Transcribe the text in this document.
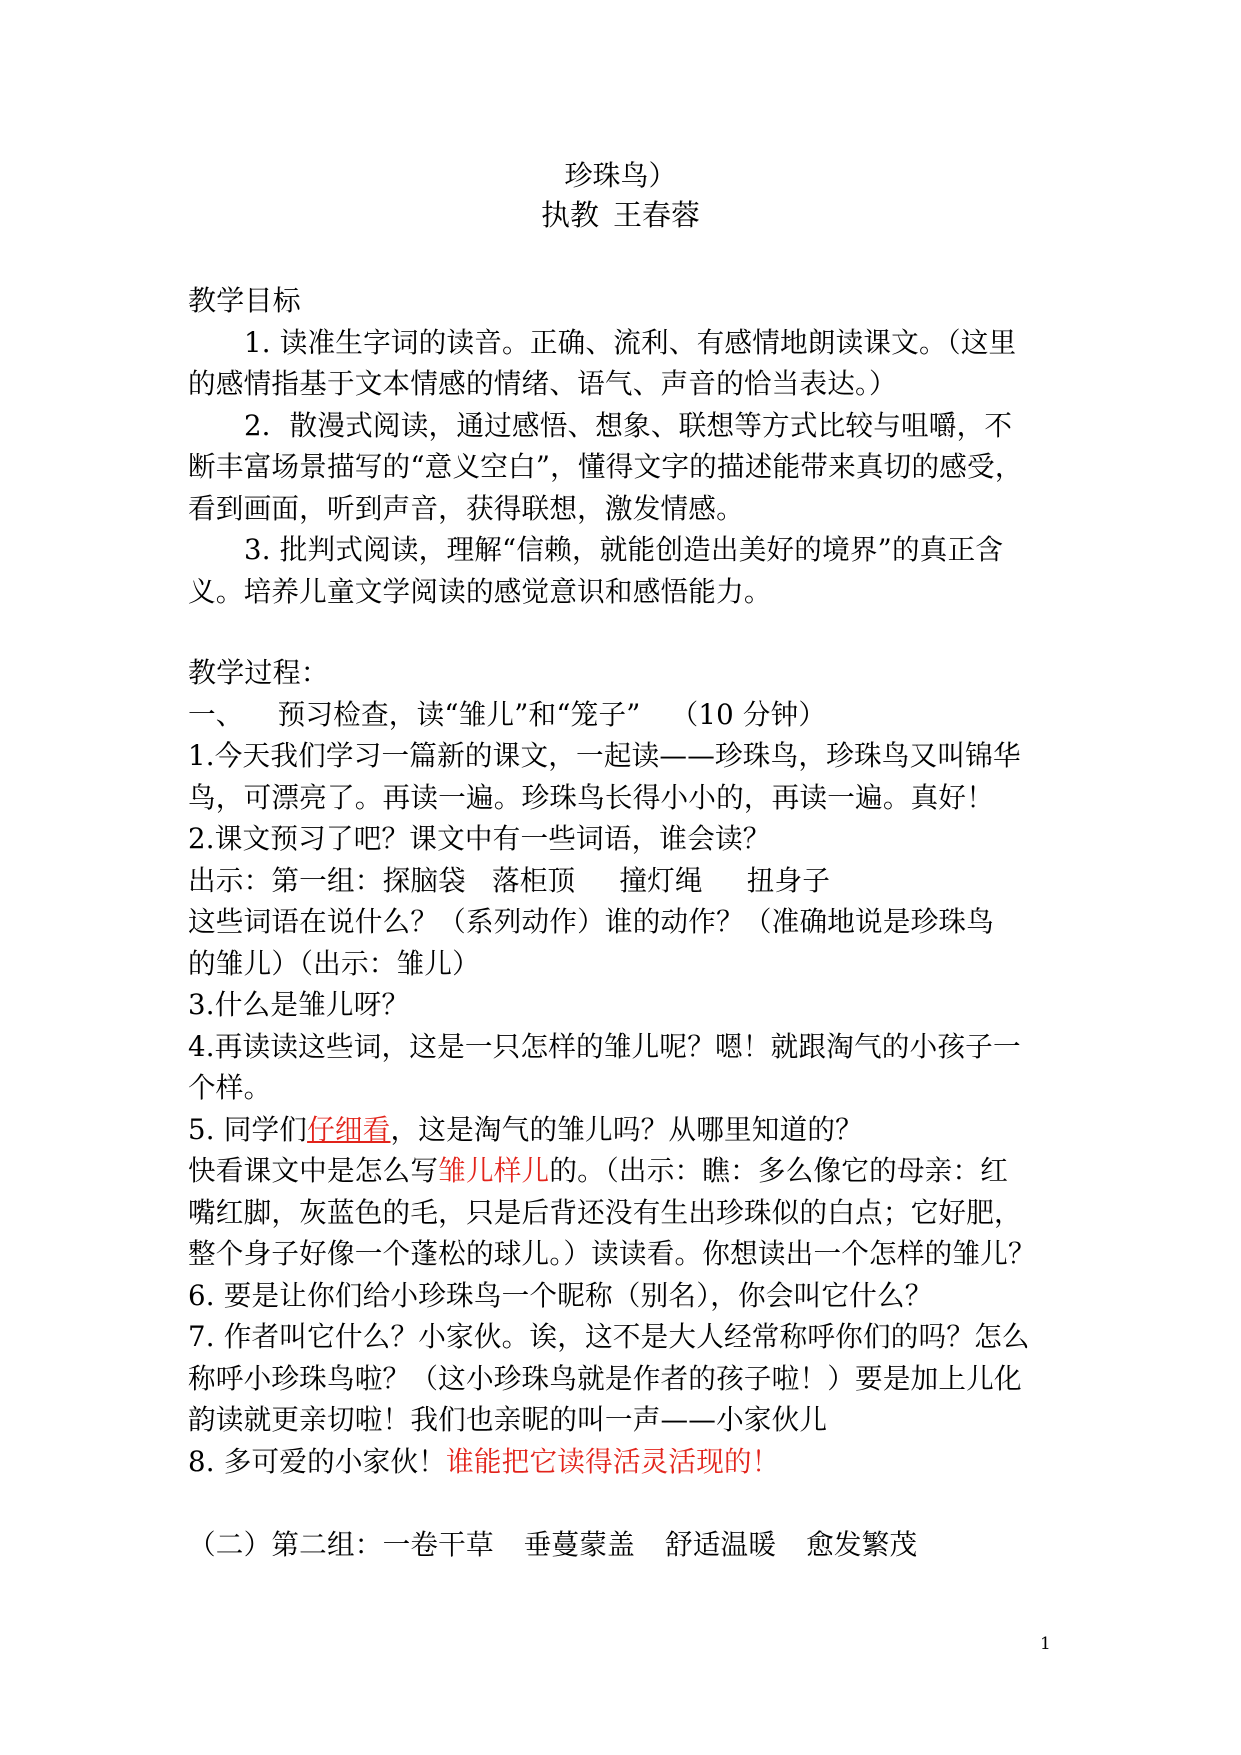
珍珠鸟）
执教 王春蓉
教学目标
1. 读准生字词的读音。正确、流利、有感情地朗读课文。（这里
的感情指基于文本情感的情绪、语气、声音的恰当表达。）
2．散漫式阅读，通过感悟、想象、联想等方式比较与咀嚼，不
断丰富场景描写的“意义空白”，懂得文字的描述能带来真切的感受，
看到画面，听到声音，获得联想，激发情感。
3. 批判式阅读，理解“信赖，就能创造出美好的境界”的真正含
义。培养儿童文学阅读的感觉意识和感悟能力。
教学过程：
一、 预习检查，读“雏儿”和“笼子” （10 分钟）
1.今天我们学习一篇新的课文，一起读——珍珠鸟，珍珠鸟又叫锦华
鸟，可漂亮了。再读一遍。珍珠鸟长得小小的，再读一遍。真好！
2.课文预习了吧？课文中有一些词语，谁会读？
出示：第一组：探脑袋 落柜顶 撞灯绳 扭身子
这些词语在说什么？（系列动作）谁的动作？（准确地说是珍珠鸟
的雏儿）（出示：雏儿）
3.什么是雏儿呀？
4.再读读这些词，这是一只怎样的雏儿呢？嗯！就跟淘气的小孩子一
个样。
5. 同学们仔细看，这是淘气的雏儿吗？从哪里知道的？
快看课文中是怎么写雏儿样儿的。（出示：瞧：多么像它的母亲：红
嘴红脚，灰蓝色的毛，只是后背还没有生出珍珠似的白点；它好肥，
整个身子好像一个蓬松的球儿。）读读看。你想读出一个怎样的雏儿？
6. 要是让你们给小珍珠鸟一个昵称（别名），你会叫它什么？
7. 作者叫它什么？小家伙。诶，这不是大人经常称呼你们的吗？怎么
称呼小珍珠鸟啦？（这小珍珠鸟就是作者的孩子啦！）要是加上儿化
韵读就更亲切啦！我们也亲昵的叫一声——小家伙儿
8. 多可爱的小家伙！谁能把它读得活灵活现的！
（二）第二组：一卷干草 垂蔓蒙盖 舒适温暖 愈发繁茂
1
